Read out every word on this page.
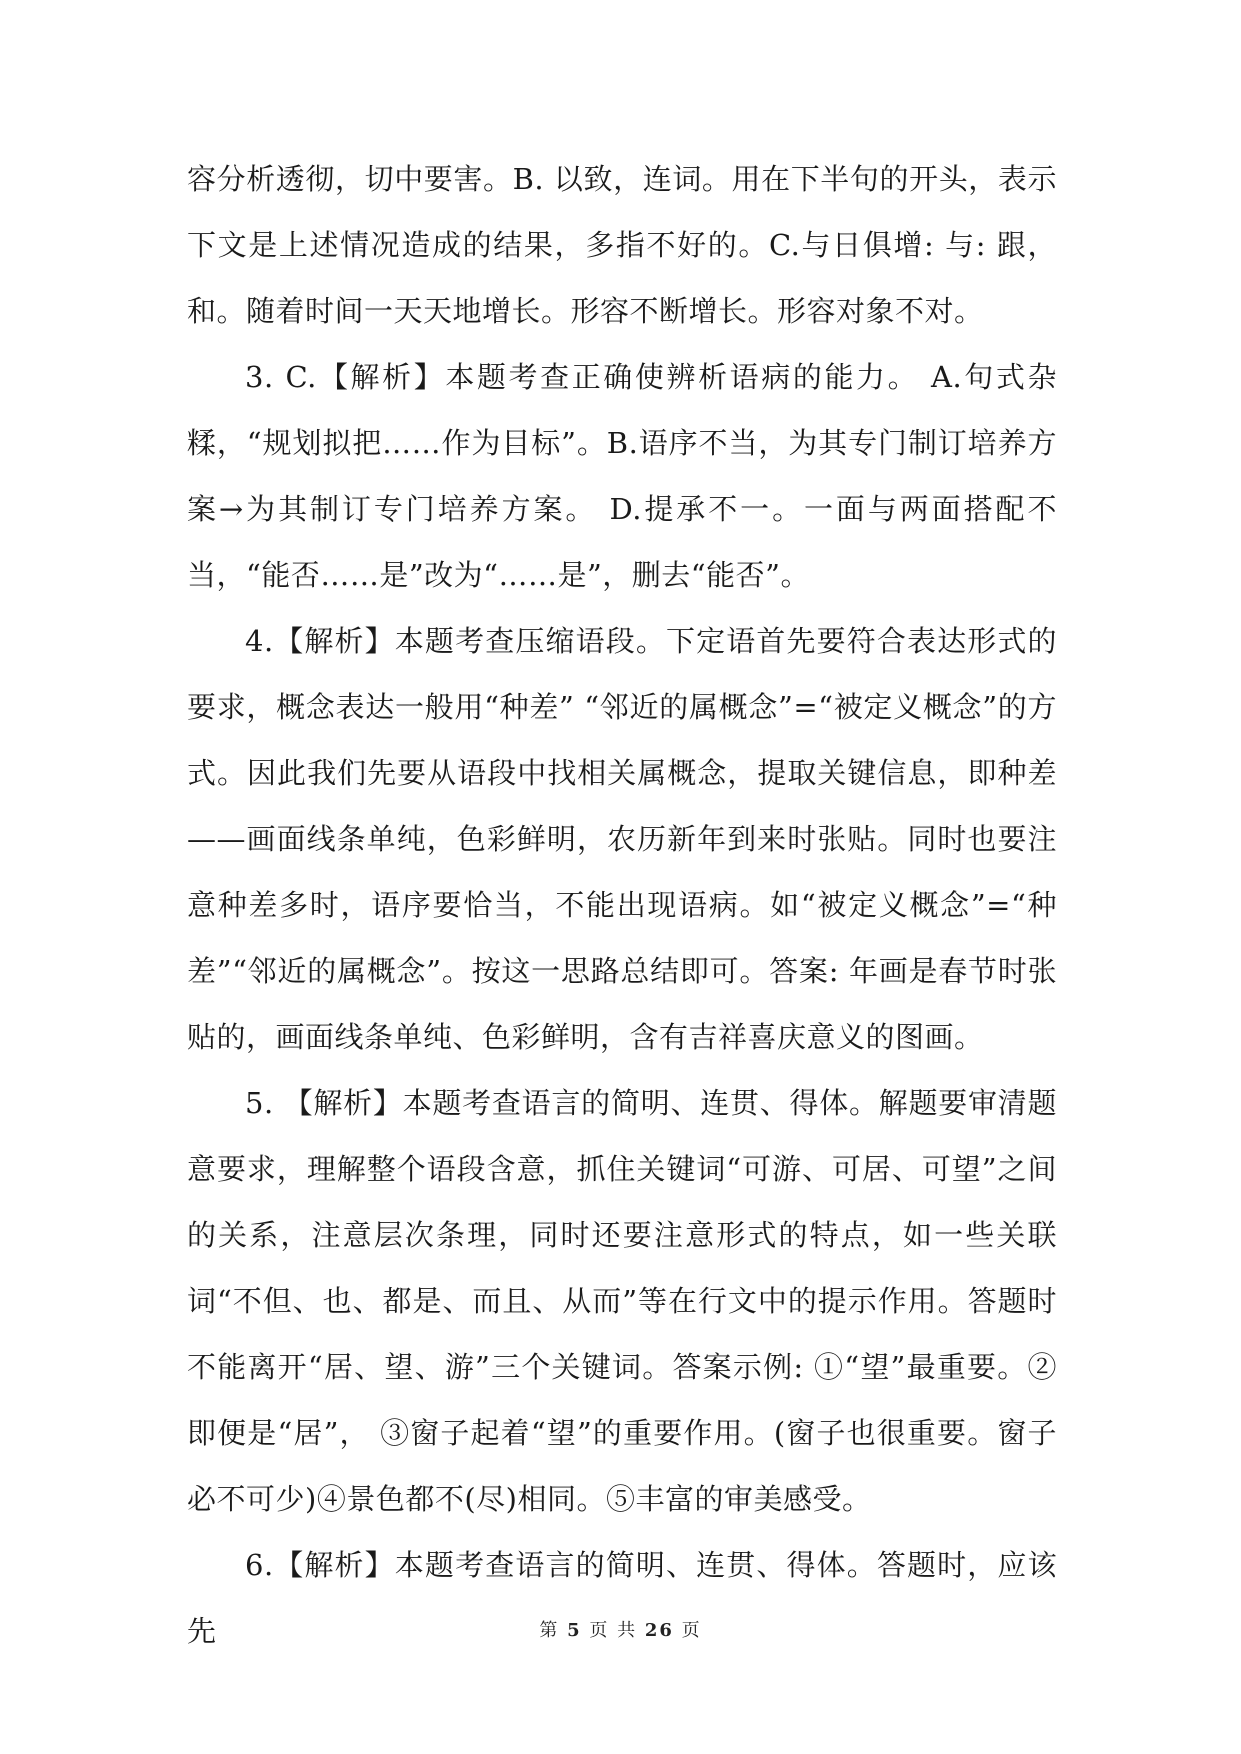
容分析透彻，切中要害。B. 以致，连词。用在下半句的开头，表示下文是上述情况造成的结果，多指不好的。C.与日俱增: 与: 跟，和。随着时间一天天地增长。形容不断增长。形容对象不对。

3. C.【解析】本题考查正确使辨析语病的能力。 A.句式杂糅，“规划拟把……作为目标”。B.语序不当，为其专门制订培养方案→为其制订专门培养方案。 D.提承不一。一面与两面搭配不当，“能否……是”改为“……是”，删去“能否”。

4.【解析】本题考查压缩语段。下定语首先要符合表达形式的要求，概念表达一般用“种差” “邻近的属概念”=“被定义概念”的方式。因此我们先要从语段中找相关属概念，提取关键信息，即种差——画面线条单纯，色彩鲜明，农历新年到来时张贴。同时也要注意种差多时，语序要恰当，不能出现语病。如“被定义概念”=“种差”“邻近的属概念”。按这一思路总结即可。答案: 年画是春节时张贴的，画面线条单纯、色彩鲜明，含有吉祥喜庆意义的图画。

5. 【解析】本题考查语言的简明、连贯、得体。解题要审清题意要求，理解整个语段含意，抓住关键词“可游、可居、可望”之间的关系，注意层次条理，同时还要注意形式的特点，如一些关联词“不但、也、都是、而且、从而”等在行文中的提示作用。答题时不能离开“居、望、游”三个关键词。答案示例: ①“望”最重要。②即便是“居”， ③窗子起着“望”的重要作用。(窗子也很重要。窗子必不可少)④景色都不(尽)相同。⑤丰富的审美感受。

6.【解析】本题考查语言的简明、连贯、得体。答题时，应该先	第 5 页 共 26 页
